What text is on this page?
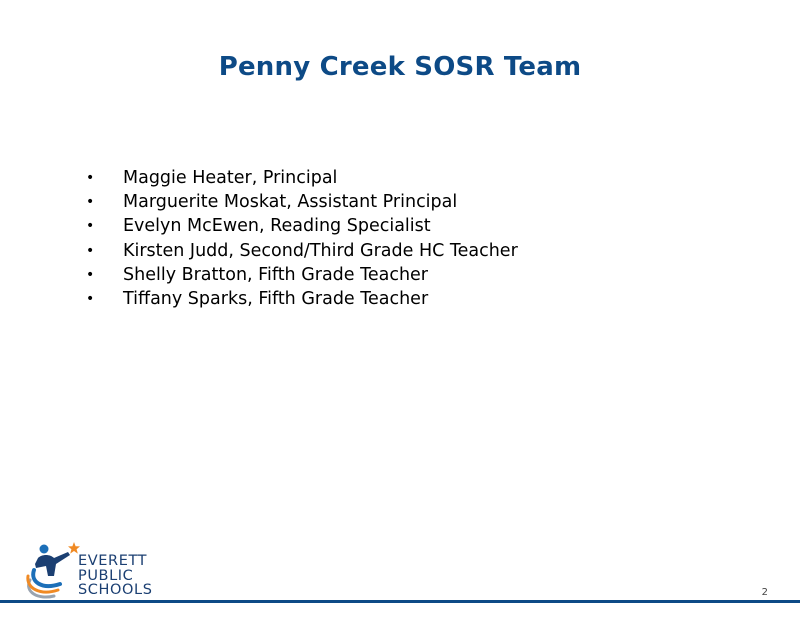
Penny Creek SOSR Team
•	Maggie Heater, Principal
•	Marguerite Moskat, Assistant Principal
•	Evelyn McEwen, Reading Specialist
•	Kirsten Judd, Second/Third Grade HC Teacher
•	Shelly Bratton, Fifth Grade Teacher
•	Tiffany Sparks, Fifth Grade Teacher
EVERETT
PUBLIC
SCHOOLS	2
